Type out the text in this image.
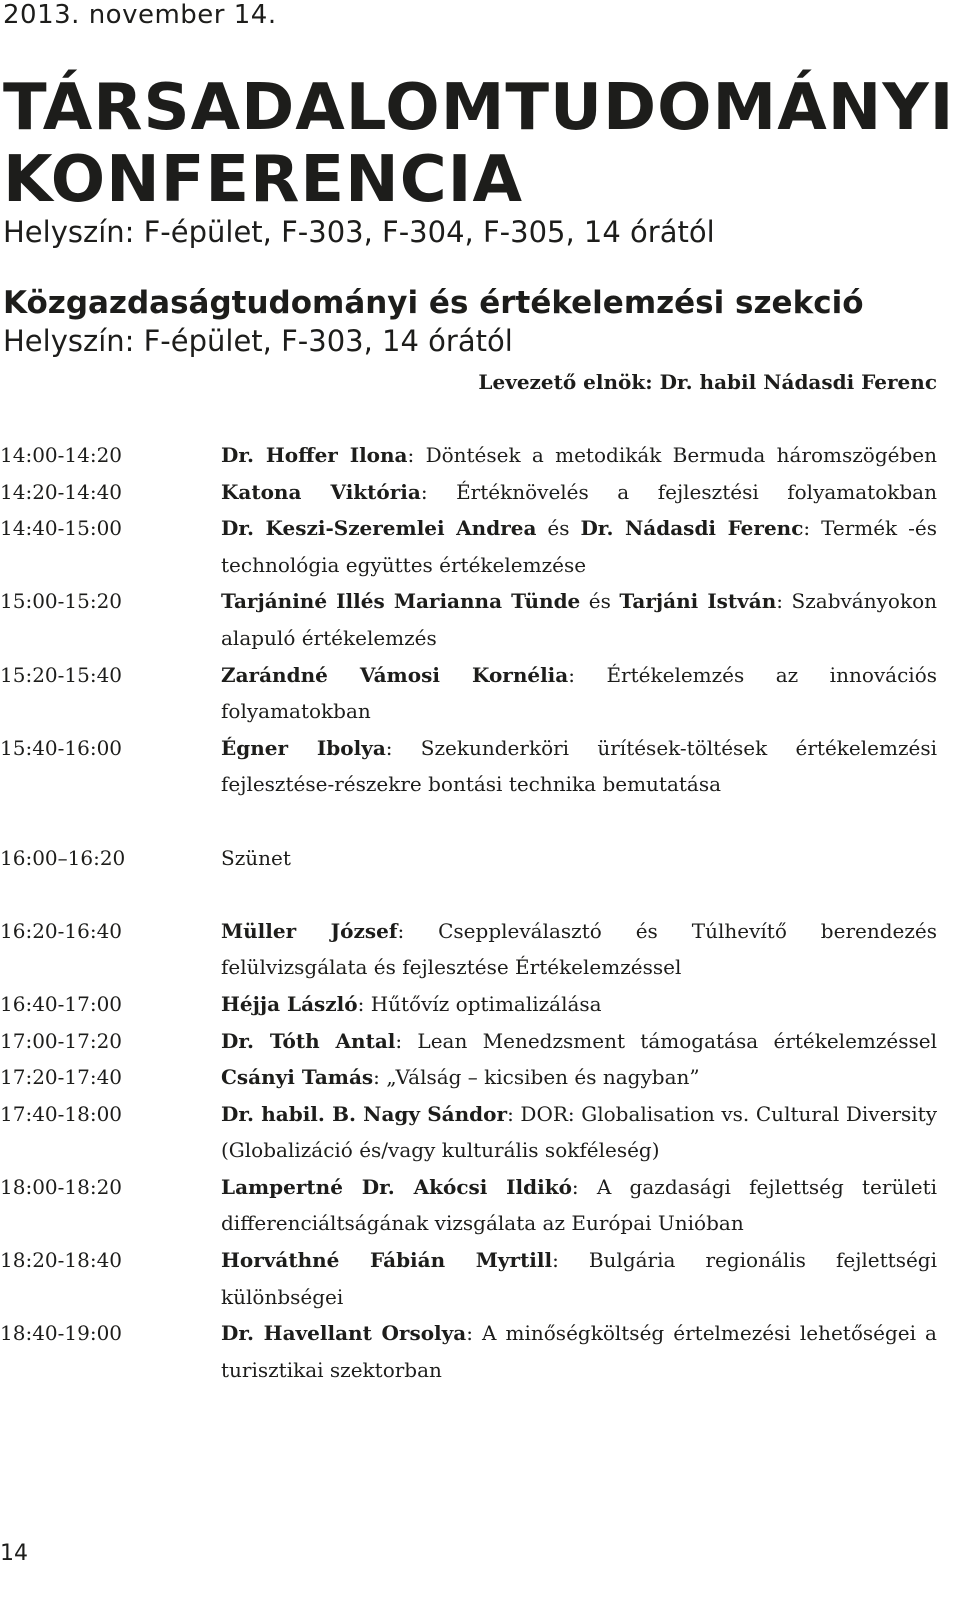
2013. november 14.
TÁRSADALOMTUDOMÁNYI KONFERENCIA
Helyszín: F-épület, F-303, F-304, F-305, 14 órától
Közgazdaságtudományi és értékelemzési szekció
Helyszín: F-épület, F-303, 14 órától
Levezető elnök: Dr. habil Nádasdi Ferenc
14:00-14:20	Dr. Hoffer Ilona: Döntések a metodikák Bermuda háromszögében
14:20-14:40	Katona Viktória: Értéknövelés a fejlesztési folyamatokban
14:40-15:00	Dr. Keszi-Szeremlei Andrea és Dr. Nádasdi Ferenc: Termék -és technológia együttes értékelemzése
15:00-15:20	Tarjániné Illés Marianna Tünde és Tarjáni István: Szabványokon alapuló értékelemzés
15:20-15:40	Zarándné Vámosi Kornélia: Értékelemzés az innovációs folyamatokban
15:40-16:00	Égner Ibolya: Szekunderköri ürítések-töltések értékelemzési fejlesztése-részekre bontási technika bemutatása
16:00–16:20	Szünet
16:20-16:40	Müller József: Cseppleválasztó és Túlhevítő berendezés felülvizsgálata és fejlesztése Értékelemzéssel
16:40-17:00	Héjja László: Hűtővíz optimalizálása
17:00-17:20	Dr. Tóth Antal: Lean Menedzsment támogatása értékelemzéssel
17:20-17:40	Csányi Tamás: „Válság – kicsiben és nagyban”
17:40-18:00	Dr. habil. B. Nagy Sándor: DOR: Globalisation vs. Cultural Diversity (Globalizáció és/vagy kulturális sokféleség)
18:00-18:20	Lampertné Dr. Akócsi Ildikó: A gazdasági fejlettség területi differenciáltságának vizsgálata az Európai Unióban
18:20-18:40	Horváthné Fábián Myrtill: Bulgária regionális fejlettségi különbségei
18:40-19:00	Dr. Havellant Orsolya: A minőségköltség értelmezési lehetőségei a turisztikai szektorban
14
